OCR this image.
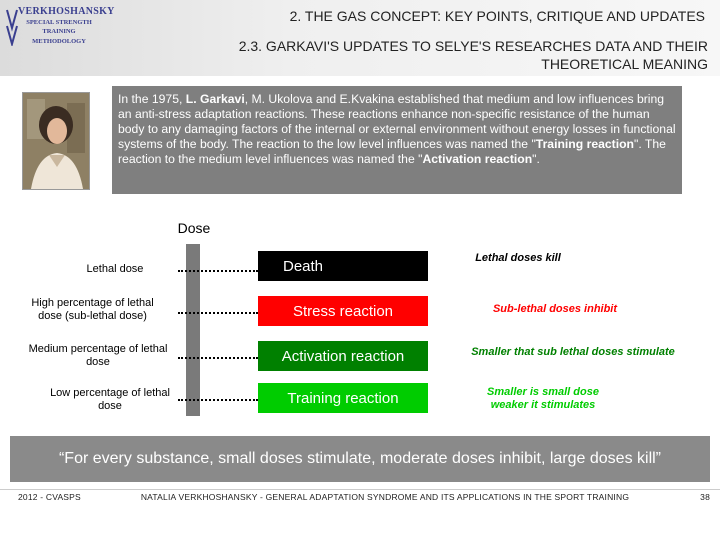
VERKHOSHANSKY
SPECIAL STRENGTH TRAINING
METHODOLOGY
2. THE GAS CONCEPT: KEY POINTS, CRITIQUE AND UPDATES
2.3. GARKAVI'S UPDATES TO SELYE'S RESEARCHES DATA AND THEIR THEORETICAL MEANING

In the 1975, L. Garkavi, M. Ukolova and E.Kvakina established that medium and low influences bring an anti-stress adaptation reactions. These reactions enhance non-specific resistance of the human body to any damaging factors of the internal or external environment without energy losses in functional systems of the body. The reaction to the low level influences was named the "Training reaction". The reaction to the medium level influences was named the "Activation reaction".

Dose
Lethal dose	Death	Lethal doses kill
High percentage of lethal dose (sub-lethal dose)	Stress reaction	Sub-lethal doses inhibit
Medium percentage of lethal dose	Activation reaction	Smaller that sub lethal doses stimulate
Low percentage of lethal dose	Training reaction	Smaller is small dose weaker it stimulates
“For every substance, small doses stimulate, moderate doses inhibit, large doses kill”
2012 - CVASPS	NATALIA VERKHOSHANSKY - GENERAL ADAPTATION SYNDROME AND ITS APPLICATIONS IN THE SPORT TRAINING	38
